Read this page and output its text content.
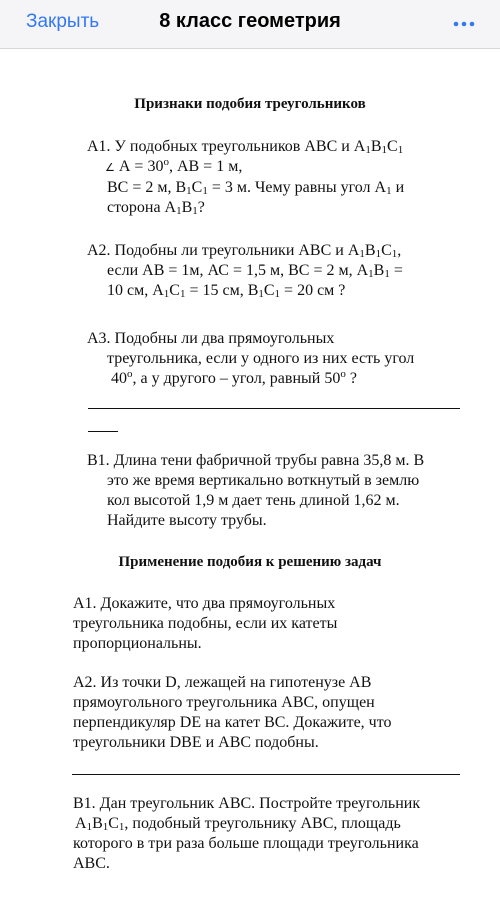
Закрыть	8 класс геометрия
Признаки подобия треугольников
А1. У подобных треугольников АВС и $А_1В_1С_1$
∠ $А = 30^о$, АВ = 1 м,
ВС = 2 м, $В_1С_1 = 3$ м. Чему равны угол $А_1$ и
сторона $А_1В_1$?
А2. Подобны ли треугольники АВС и $А_1В_1С_1$,
если АВ = 1м, АС = 1,5 м, ВС = 2 м, $А_1В_1$ =
10 см, $А_1С_1 = 15$ см, $В_1С_1 = 20$ см ?
А3. Подобны ли два прямоугольных
треугольника, если у одного из них есть угол
$40^о$, а у другого – угол, равный $50^о$ ?
В1. Длина тени фабричной трубы равна 35,8 м. В
это же время вертикально воткнутый в землю
кол высотой 1,9 м дает тень длиной 1,62 м.
Найдите высоту трубы.
Применение подобия к решению задач
А1. Докажите, что два прямоугольных
треугольника подобны, если их катеты
пропорциональны.
А2. Из точки D, лежащей на гипотенузе АВ
прямоугольного треугольника АВС, опущен
перпендикуляр DE на катет ВС. Докажите, что
треугольники DBE и АВС подобны.
В1. Дан треугольник АВС. Постройте треугольник
$А_1В_1С_1$, подобный треугольнику АВС, площадь
которого в три раза больше площади треугольника
АВС.
